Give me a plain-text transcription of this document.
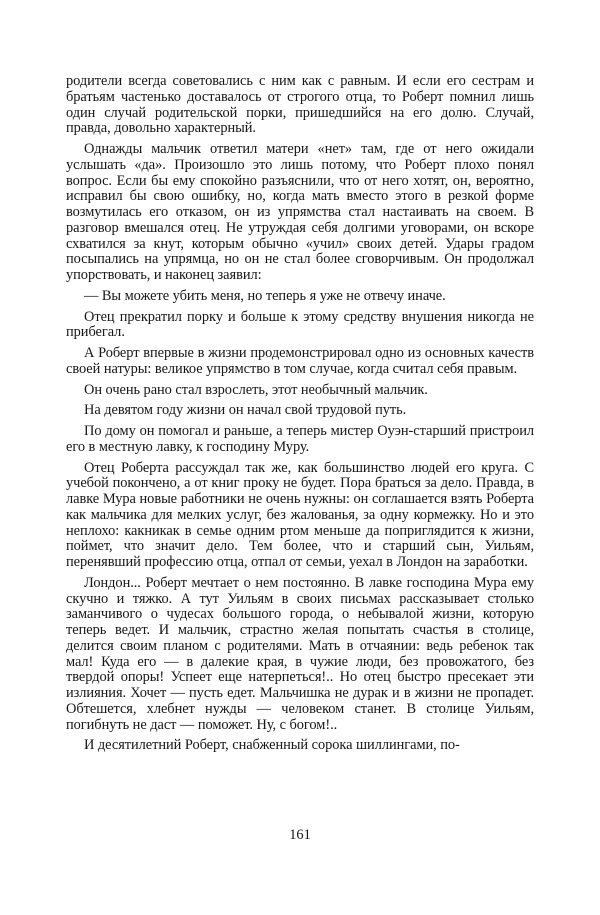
родители всегда советовались с ним как с равным. И если его сестрам и братьям частенько доставалось от строгого отца, то Роберт помнил лишь один случай родительской порки, пришедшийся на его долю. Случай, правда, довольно характерный.

Однажды мальчик ответил матери «нет» там, где от него ожидали услышать «да». Произошло это лишь потому, что Роберт плохо понял вопрос. Если бы ему спокойно разъяснили, что от него хотят, он, вероятно, исправил бы свою ошибку, но, когда мать вместо этого в резкой форме возмутилась его отказом, он из упрямства стал настаивать на своем. В разговор вмешался отец. Не утруждая себя долгими уговорами, он вскоре схватился за кнут, которым обычно «учил» своих детей. Удары градом посыпались на упрямца, но он не стал более сговорчивым. Он продолжал упорствовать, и наконец заявил:

— Вы можете убить меня, но теперь я уже не отвечу иначе.

Отец прекратил порку и больше к этому средству внушения никогда не прибегал.

А Роберт впервые в жизни продемонстрировал одно из основных качеств своей натуры: великое упрямство в том случае, когда считал себя правым.

Он очень рано стал взрослеть, этот необычный мальчик.

На девятом году жизни он начал свой трудовой путь.

По дому он помогал и раньше, а теперь мистер Оуэн-старший пристроил его в местную лавку, к господину Муру.

Отец Роберта рассуждал так же, как большинство людей его круга. С учебой покончено, а от книг проку не будет. Пора браться за дело. Правда, в лавке Мура новые работники не очень нужны: он соглашается взять Роберта как мальчика для мелких услуг, без жалованья, за одну кормежку. Но и это неплохо: какникак в семье одним ртом меньше да поприглядится к жизни, поймет, что значит дело. Тем более, что и старший сын, Уильям, перенявший профессию отца, отпал от семьи, уехал в Лондон на заработки.

Лондон... Роберт мечтает о нем постоянно. В лавке господина Мура ему скучно и тяжко. А тут Уильям в своих письмах рассказывает столько заманчивого о чудесах большого города, о небывалой жизни, которую теперь ведет. И мальчик, страстно желая попытать счастья в столице, делится своим планом с родителями. Мать в отчаянии: ведь ребенок так мал! Куда его — в далекие края, в чужие люди, без провожатого, без твердой опоры! Успеет еще натерпеться!.. Но отец быстро пресекает эти излияния. Хочет — пусть едет. Мальчишка не дурак и в жизни не пропадет. Обтешется, хлебнет нужды — человеком станет. В столице Уильям, погибнуть не даст — поможет. Ну, с богом!..

И десятилетний Роберт, снабженный сорока шиллингами, по-

161
